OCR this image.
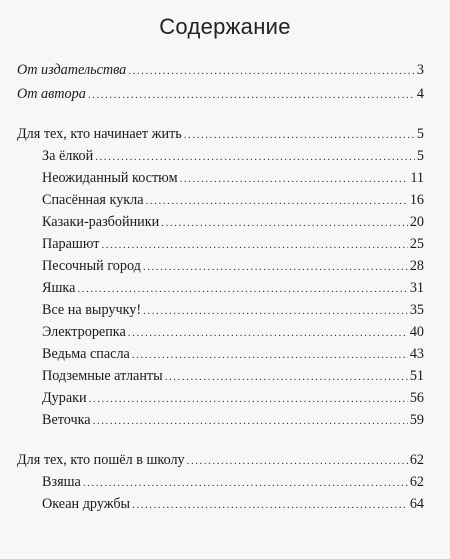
Содержание
От издательства . . .	3
От автора . . .	4
Для тех, кто начинает жить . . .	5
За ёлкой . . .	5
Неожиданный костюм . . .	11
Спасённая кукла . . .	16
Казаки-разбойники . . .	20
Парашют . . .	25
Песочный город . . .	28
Яшка . . .	31
Все на выручку! . . .	35
Электрорепка . . .	40
Ведьма спасла . . .	43
Подземные атланты . . .	51
Дураки . . .	56
Веточка . . .	59
Для тех, кто пошёл в школу . . .	62
Взяша . . .	62
Океан дружбы . . .	64
